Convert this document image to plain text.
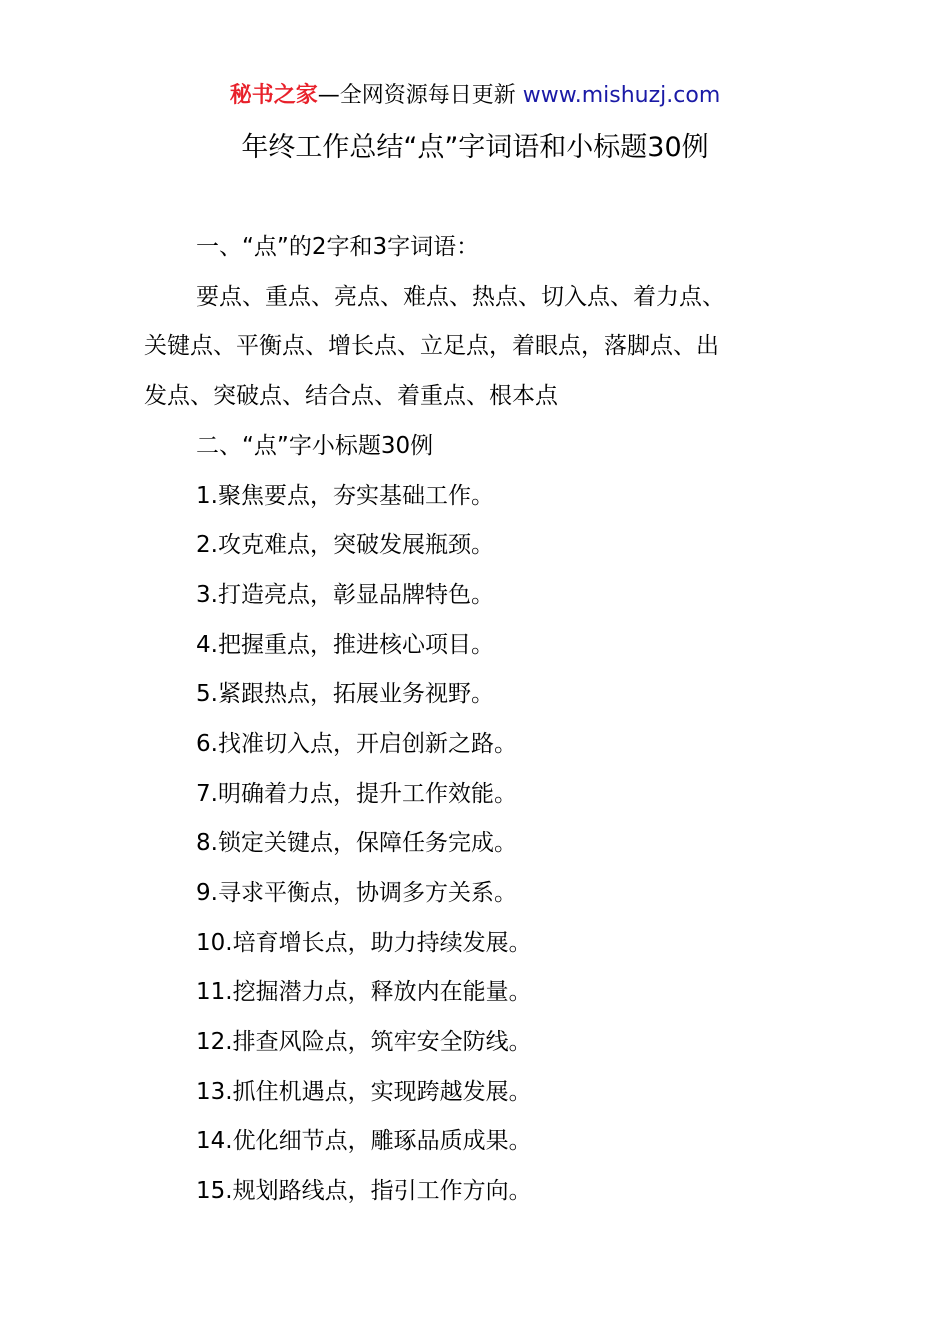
秘书之家—全网资源每日更新 www.mishuzj.com
年终工作总结“点”字词语和小标题30例
一、“点”的2字和3字词语：
要点、重点、亮点、难点、热点、切入点、着力点、
关键点、平衡点、增长点、立足点，着眼点，落脚点、出
发点、突破点、结合点、着重点、根本点
二、“点”字小标题30例
1.聚焦要点，夯实基础工作。
2.攻克难点，突破发展瓶颈。
3.打造亮点，彰显品牌特色。
4.把握重点，推进核心项目。
5.紧跟热点，拓展业务视野。
6.找准切入点，开启创新之路。
7.明确着力点，提升工作效能。
8.锁定关键点，保障任务完成。
9.寻求平衡点，协调多方关系。
10.培育增长点，助力持续发展。
11.挖掘潜力点，释放内在能量。
12.排查风险点，筑牢安全防线。
13.抓住机遇点，实现跨越发展。
14.优化细节点，雕琢品质成果。
15.规划路线点，指引工作方向。
